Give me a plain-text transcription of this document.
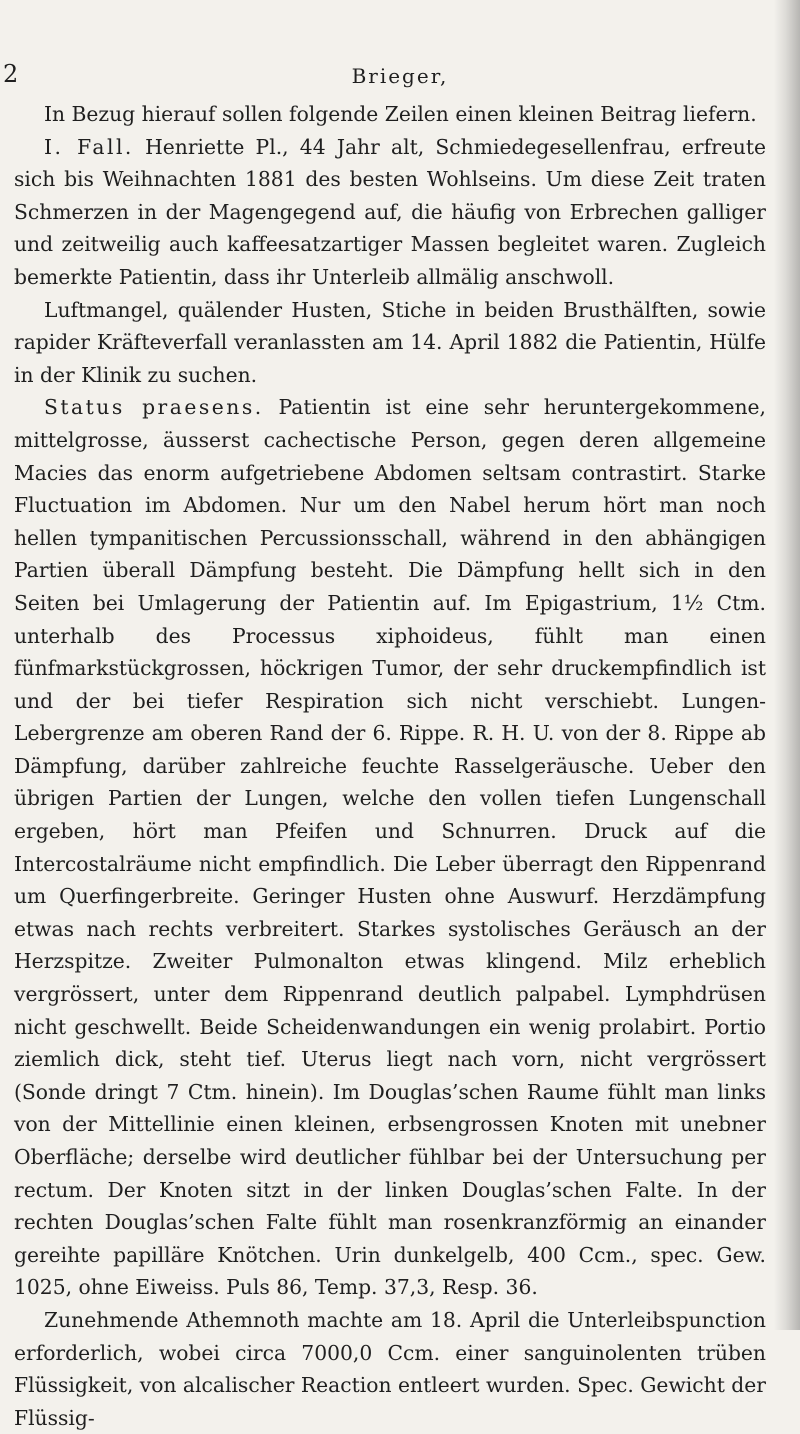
2	Brieger,

In Bezug hierauf sollen folgende Zeilen einen kleinen Beitrag liefern.

I. Fall. Henriette Pl., 44 Jahr alt, Schmiedegesellenfrau, erfreute sich bis Weihnachten 1881 des besten Wohlseins. Um diese Zeit traten Schmerzen in der Magengegend auf, die häufig von Erbrechen galliger und zeitweilig auch kaffeesatzartiger Massen begleitet waren. Zugleich bemerkte Patientin, dass ihr Unterleib allmälig anschwoll.

Luftmangel, quälender Husten, Stiche in beiden Brusthälften, sowie rapider Kräfteverfall veranlassten am 14. April 1882 die Patientin, Hülfe in der Klinik zu suchen.

Status praesens. Patientin ist eine sehr heruntergekommene, mittelgrosse, äusserst cachectische Person, gegen deren allgemeine Macies das enorm aufgetriebene Abdomen seltsam contrastirt. Starke Fluctuation im Abdomen. Nur um den Nabel herum hört man noch hellen tympanitischen Percussionsschall, während in den abhängigen Partien überall Dämpfung besteht. Die Dämpfung hellt sich in den Seiten bei Umlagerung der Patientin auf. Im Epigastrium, 1½ Ctm. unterhalb des Processus xiphoideus, fühlt man einen fünfmarkstückgrossen, höckrigen Tumor, der sehr druckempfindlich ist und der bei tiefer Respiration sich nicht verschiebt. Lungen-Lebergrenze am oberen Rand der 6. Rippe. R. H. U. von der 8. Rippe ab Dämpfung, darüber zahlreiche feuchte Rasselgeräusche. Ueber den übrigen Partien der Lungen, welche den vollen tiefen Lungenschall ergeben, hört man Pfeifen und Schnurren. Druck auf die Intercostalräume nicht empfindlich. Die Leber überragt den Rippenrand um Querfingerbreite. Geringer Husten ohne Auswurf. Herzdämpfung etwas nach rechts verbreitert. Starkes systolisches Geräusch an der Herzspitze. Zweiter Pulmonalton etwas klingend. Milz erheblich vergrössert, unter dem Rippenrand deutlich palpabel. Lymphdrüsen nicht geschwellt. Beide Scheidenwandungen ein wenig prolabirt. Portio ziemlich dick, steht tief. Uterus liegt nach vorn, nicht vergrössert (Sonde dringt 7 Ctm. hinein). Im Douglas’schen Raume fühlt man links von der Mittellinie einen kleinen, erbsengrossen Knoten mit unebner Oberfläche; derselbe wird deutlicher fühlbar bei der Untersuchung per rectum. Der Knoten sitzt in der linken Douglas’schen Falte. In der rechten Douglas’schen Falte fühlt man rosenkranzförmig an einander gereihte papilläre Knötchen. Urin dunkelgelb, 400 Ccm., spec. Gew. 1025, ohne Eiweiss. Puls 86, Temp. 37,3, Resp. 36.

Zunehmende Athemnoth machte am 18. April die Unterleibspunction erforderlich, wobei circa 7000,0 Ccm. einer sanguinolenten trüben Flüssigkeit, von alcalischer Reaction entleert wurden. Spec. Gewicht der Flüssig-
